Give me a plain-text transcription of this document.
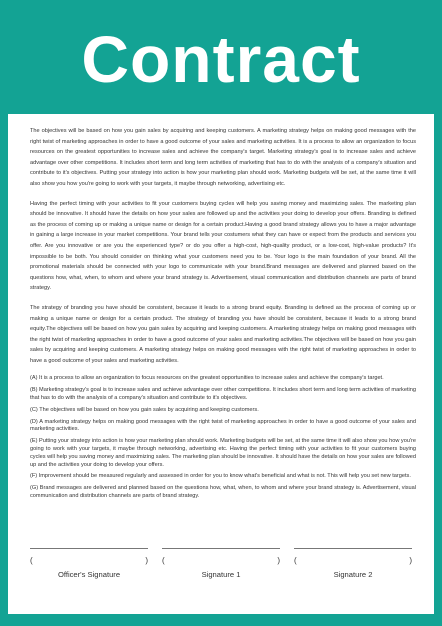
Contract

The objectives will be based on how you gain sales by acquiring and keeping customers. A marketing strategy helps on making good messages with the right twist of marketing approaches in order to have a good outcome of your sales and marketing activities. It is a process to allow an organization to focus resources on the greatest opportunities to increase sales and achieve the company's target. Marketing strategy's goal is to increase sales and achieve advantage over other competitions. It includes short term and long term activities of marketing that has to do with the analysis of a company's situation and contribute to it's objectives. Putting your strategy into action is how your marketing plan should work. Marketing budgets will be set, at the same time it will also show you how you're going to work with your targets, it maybe through networking, advertising etc.

Having the perfect timing with your activities to fit your customers buying cycles will help you saving money and maximizing sales. The marketing plan should be innovative. It should have the details on how your sales are followed up and the activities your doing to develop your offers. Branding is defined as the process of coming up or making a unique name or design for a certain product.Having a good brand strategy allows you to have a major advantage in gaining a large increase in your market competitions. Your brand tells your costumers what they can have or expect from the products and services you offer. Are you innovative or are you the experienced type? or do you offer a high-cost, high-quality product, or a low-cost, high-value products? It's impossible to be both. You should consider on thinking what your customers need you to be. Your logo is the main foundation of your brand. All the promotional materials should be connected with your logo to communicate with your brand.Brand messages are delivered and planned based on the questions how, what, when, to whom and where your brand strategy is. Advertisement, visual communication and distribution channels are parts of brand strategy.

The strategy of branding you have should be consistent, because it leads to a strong brand equity. Branding is defined as the process of coming up or making a unique name or design for a certain product. The strategy of branding you have should be consistent, because it leads to a strong brand equity.The objectives will be based on how you gain sales by acquiring and keeping customers. A marketing strategy helps on making good messages with the right twist of marketing approaches in order to have a good outcome of your sales and marketing activities.The objectives will be based on how you gain sales by acquiring and keeping customers. A marketing strategy helps on making good messages with the right twist of marketing approaches in order to have a good outcome of your sales and marketing activities.

(A) It is a process to allow an organization to focus resources on the greatest opportunities to increase sales and achieve the company's target.

(B) Marketing strategy's goal is to increase sales and achieve advantage over other competitions. It includes short term and long term activities of marketing that has to do with the analysis of a company's situation and contribute to it's objectives.

(C) The objectives will be based on how you gain sales by acquiring and keeping customers.

(D) A marketing strategy helps on making good messages with the right twist of marketing approaches in order to have a good outcome of your sales and marketing activities.

(E) Putting your strategy into action is how your marketing plan should work. Marketing budgets will be set, at the same time it will also show you how you're going to work with your targets, it maybe through networking, advertising etc. Having the perfect timing with your activities to fit your customers buying cycles will help you saving money and maximizing sales. The marketing plan should be innovative. It should have the details on how your sales are followed up and the activities your doing to develop your offers.

(F) Improvement should be measured regularly and assessed in order for you to know what's beneficial and what is not. This will help you set new targets.

(G) Brand messages are delivered and planned based on the questions how, what, when, to whom and where your brand strategy is. Advertisement, visual communication and distribution channels are parts of brand strategy.

(	)
Officer's Signature
(	)
Signature 1
(	)
Signature 2
